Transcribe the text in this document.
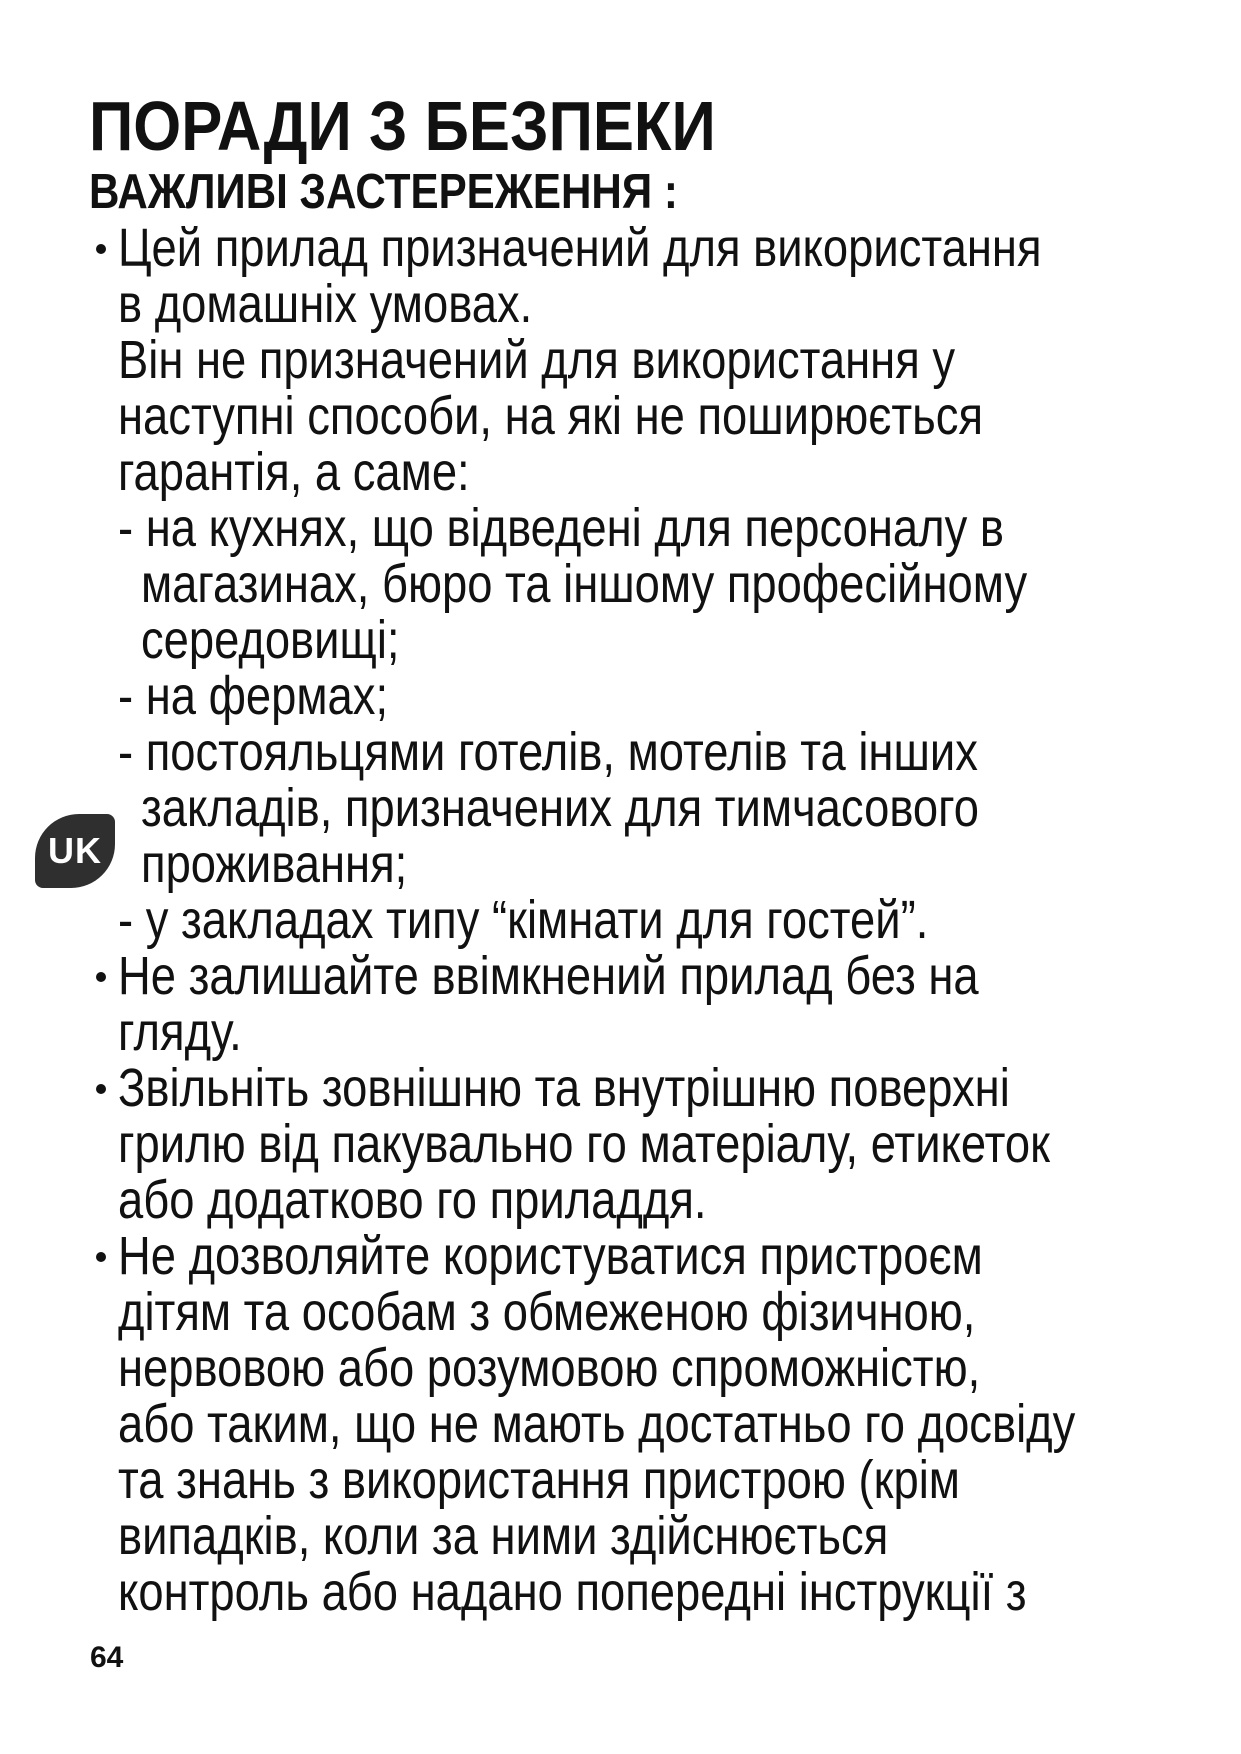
ПОРАДИ З БЕЗПЕКИ
ВАЖЛИВІ ЗАСТЕРЕЖЕННЯ :
Цей прилад призначений для використання
в домашніх умовах.
Він не призначений для використання у
наступні способи, на які не поширюється
гарантія, а саме:
- на кухнях, що відведені для персоналу в
магазинах, бюро та іншому професійному
середовищі;
- на фермах;
- постояльцями готелів, мотелів та інших
закладів, призначених для тимчасового
проживання;
- у закладах типу “кімнати для гостей”.
Не залишайте ввімкнений прилад без на
гляду.
Звільніть зовнішню та внутрішню поверхні
грилю від пакувально го матеріалу, етикеток
або додатково го приладдя.
Не дозволяйте користуватися пристроєм
дітям та особам з обмеженою фізичною,
нервовою або розумовою спроможністю,
або таким, що не мають достатньо го досвіду
та знань з використання пристрою (крім
випадків, коли за ними здійснюється
контроль або надано попередні інструкції з
UK
64
